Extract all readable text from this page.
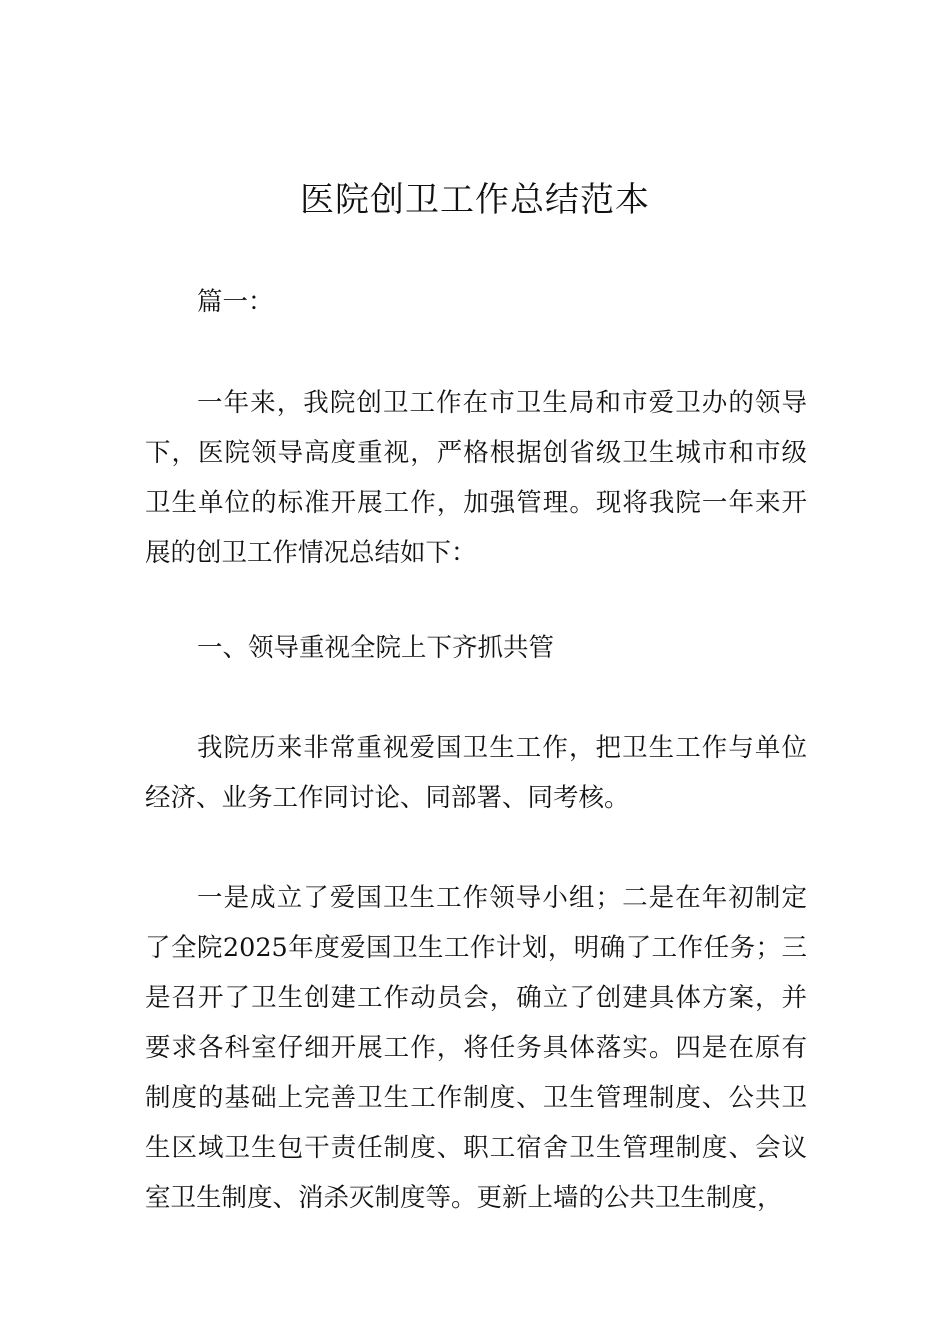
医院创卫工作总结范本

篇一：

一年来，我院创卫工作在市卫生局和市爱卫办的领导下，医院领导高度重视，严格根据创省级卫生城市和市级卫生单位的标准开展工作，加强管理。现将我院一年来开展的创卫工作情况总结如下：

一、领导重视全院上下齐抓共管

我院历来非常重视爱国卫生工作，把卫生工作与单位经济、业务工作同讨论、同部署、同考核。

一是成立了爱国卫生工作领导小组；二是在年初制定了全院2025年度爱国卫生工作计划，明确了工作任务；三是召开了卫生创建工作动员会，确立了创建具体方案，并要求各科室仔细开展工作，将任务具体落实。四是在原有制度的基础上完善卫生工作制度、卫生管理制度、公共卫生区域卫生包干责任制度、职工宿舍卫生管理制度、会议室卫生制度、消杀灭制度等。更新上墙的公共卫生制度，
